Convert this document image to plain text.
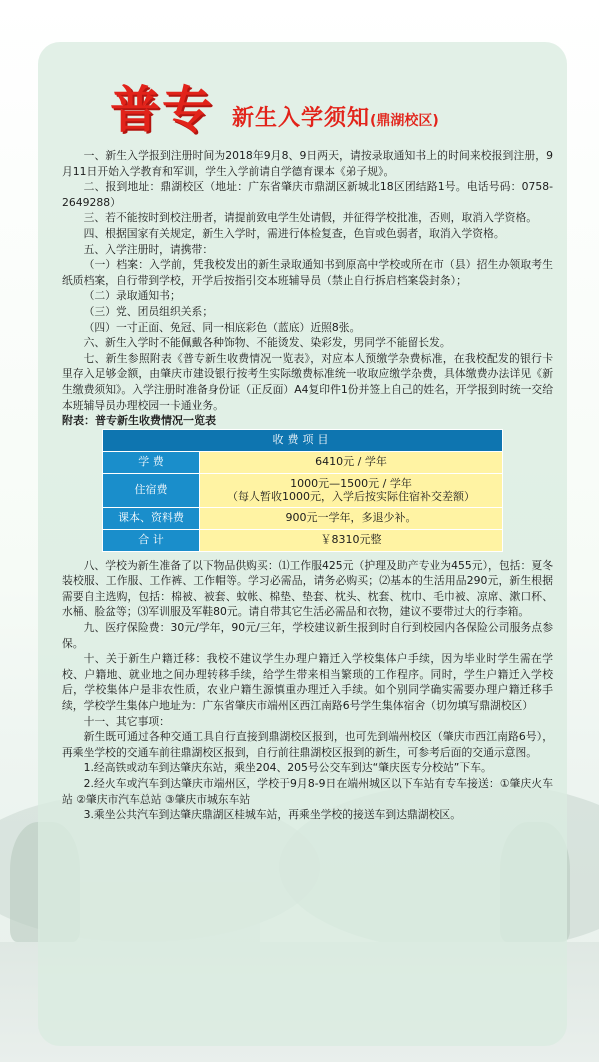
普专 新生入学须知 (鼎湖校区)

一、新生入学报到注册时间为2018年9月8、9日两天，请按录取通知书上的时间来校报到注册，9月11日开始入学教育和军训，学生入学前请自学德育课本《弟子规》。

二、报到地址：鼎湖校区（地址：广东省肇庆市鼎湖区新城北18区团结路1号。电话号码：0758-2649288）

三、若不能按时到校注册者，请提前致电学生处请假，并征得学校批准，否则，取消入学资格。

四、根据国家有关规定，新生入学时，需进行体检复查，色盲或色弱者，取消入学资格。

五、入学注册时，请携带：

（一）档案：入学前，凭我校发出的新生录取通知书到原高中学校或所在市（县）招生办领取考生纸质档案，自行带到学校，开学后按指引交本班辅导员（禁止自行拆启档案袋封条）；

（二）录取通知书；

（三）党、团员组织关系；

（四）一寸正面、免冠、同一相底彩色（蓝底）近照8张。

六、新生入学时不能佩戴各种饰物、不能烫发、染彩发，男同学不能留长发。

七、新生参照附表《普专新生收费情况一览表》，对应本人预缴学杂费标准，在我校配发的银行卡里存入足够金额，由肇庆市建设银行按考生实际缴费标准统一收取应缴学杂费，具体缴费办法详见《新生缴费须知》。入学注册时准备身份证（正反面）A4复印件1份并签上自己的姓名，开学报到时统一交给本班辅导员办理校园一卡通业务。

附表：普专新生收费情况一览表

收费项目	
学 费	6410元 / 学年
住宿费	1000元—1500元 / 学年
（每人暂收1000元，入学后按实际住宿补交差额）

课本、资料费	900元一学年，多退少补。
合 计	￥8310元整

八、学校为新生准备了以下物品供购买：⑴工作服425元（护理及助产专业为455元），包括：夏冬装校服、工作服、工作裤、工作帽等。学习必需品，请务必购买；⑵基本的生活用品290元，新生根据需要自主选购，包括：棉被、被套、蚊帐、棉垫、垫套、枕头、枕套、枕巾、毛巾被、凉席、漱口杯、水桶、脸盆等；⑶军训服及军鞋80元。请自带其它生活必需品和衣物，建议不要带过大的行李箱。

九、医疗保险费：30元/学年，90元/三年，学校建议新生报到时自行到校园内各保险公司服务点参保。

十、关于新生户籍迁移：我校不建议学生办理户籍迁入学校集体户手续，因为毕业时学生需在学校、户籍地、就业地之间办理转移手续，给学生带来相当繁琐的工作程序。同时，学生户籍迁入学校后，学校集体户是非农性质，农业户籍生源慎重办理迁入手续。如个别同学确实需要办理户籍迁移手续，学校学生集体户地址为：广东省肇庆市端州区西江南路6号学生集体宿舍（切勿填写鼎湖校区）

十一、其它事项：

新生既可通过各种交通工具自行直接到鼎湖校区报到，也可先到端州校区（肇庆市西江南路6号），再乘坐学校的交通车前往鼎湖校区报到，自行前往鼎湖校区报到的新生，可参考后面的交通示意图。

1.经高铁或动车到达肇庆东站，乘坐204、205号公交车到达“肇庆医专分校站”下车。

2.经火车或汽车到达肇庆市端州区，学校于9月8-9日在端州城区以下车站有专车接送：①肇庆火车站 ②肇庆市汽车总站 ③肇庆市城东车站

3.乘坐公共汽车到达肇庆鼎湖区桂城车站，再乘坐学校的接送车到达鼎湖校区。
